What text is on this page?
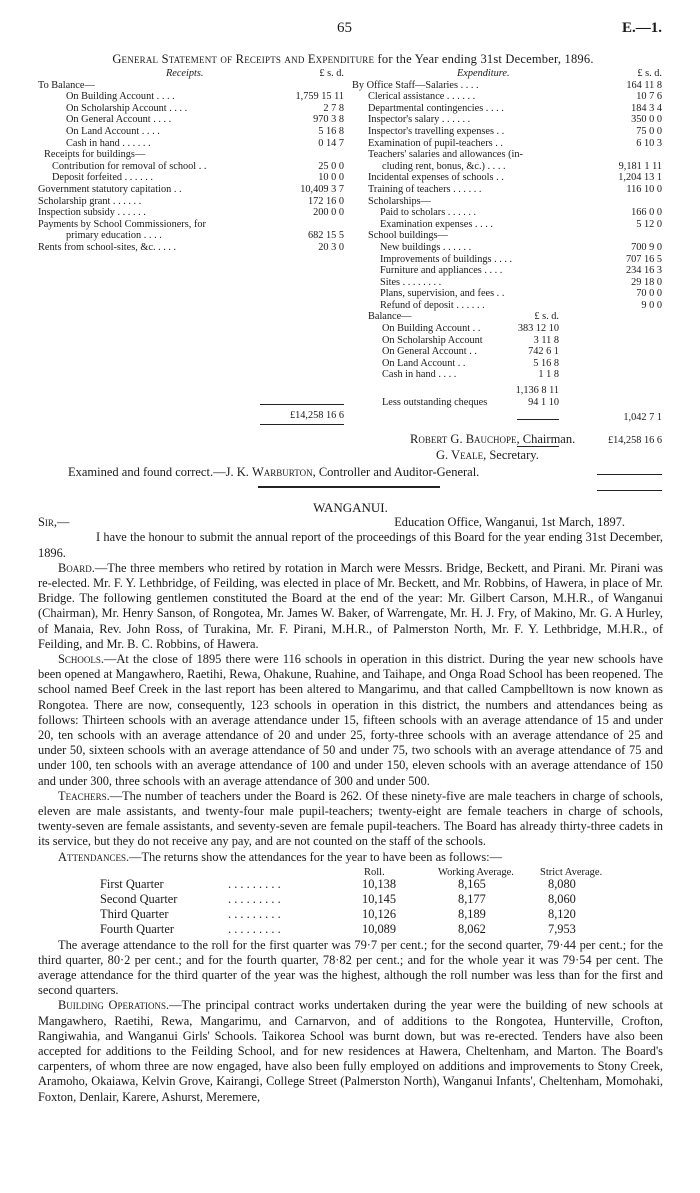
65	E.—1.
General Statement of Receipts and Expenditure for the Year ending 31st December, 1896.
Receipts.	£ s. d.
To Balance—
On Building Account . . . .	1,759 15 11
On Scholarship Account . . . .	2 7 8
On General Account . . . .	970 3 8
On Land Account . . . .	5 16 8
Cash in hand . . . . . .	0 14 7
Receipts for buildings—
Contribution for removal of school . .	25 0 0
Deposit forfeited . . . . . .	10 0 0
Government statutory capitation . .	10,409 3 7
Scholarship grant . . . . . .	172 16 0
Inspection subsidy . . . . . .	200 0 0
Payments by School Commissioners, for
primary education . . . .	682 15 5
Rents from school-sites, &c. . . . .	20 3 0
Expenditure.	£ s. d.
By Office Staff—Salaries . . . .	164 11 8
Clerical assistance . . . . . .	10 7 6
Departmental contingencies . . . .	184 3 4
Inspector's salary . . . . . .	350 0 0
Inspector's travelling expenses . .	75 0 0
Examination of pupil-teachers . .	6 10 3
Teachers' salaries and allowances (in-
cluding rent, bonus, &c.) . . . .	9,181 1 11
Incidental expenses of schools . .	1,204 13 1
Training of teachers . . . . . .	116 10 0
Scholarships—
Paid to scholars . . . . . .	166 0 0
Examination expenses . . . .	5 12 0
School buildings—
New buildings . . . . . .	700 9 0
Improvements of buildings . . . .	707 16 5
Furniture and appliances . . . .	234 16 3
Sites . . . . . . . .	29 18 0
Plans, supervision, and fees . .	70 0 0
Refund of deposit . . . . . .	9 0 0
Balance—	£ s. d.
On Building Account . .	383 12 10
On Scholarship Account	3 11 8
On General Account . .	742 6 1
On Land Account . .	5 16 8
Cash in hand . . . .	1 1 8
1,136 8 11
Less outstanding cheques	94 1 10
1,042 7 1
£14,258 16 6
£14,258 16 6
Robert G. Bauchope, Chairman.
G. Veale, Secretary.
Examined and found correct.—J. K. Warburton, Controller and Auditor-General.

WANGANUI.

Sir,—	Education Office, Wanganui, 1st March, 1897.

I have the honour to submit the annual report of the proceedings of this Board for the year ending 31st December, 1896.

Board.—The three members who retired by rotation in March were Messrs. Bridge, Beckett, and Pirani. Mr. Pirani was re-elected. Mr. F. Y. Lethbridge, of Feilding, was elected in place of Mr. Beckett, and Mr. Robbins, of Hawera, in place of Mr. Bridge. The following gentlemen constituted the Board at the end of the year: Mr. Gilbert Carson, M.H.R., of Wanganui (Chairman), Mr. Henry Sanson, of Rongotea, Mr. James W. Baker, of Warrengate, Mr. H. J. Fry, of Makino, Mr. G. A Hurley, of Manaia, Rev. John Ross, of Turakina, Mr. F. Pirani, M.H.R., of Palmerston North, Mr. F. Y. Lethbridge, M.H.R., of Feilding, and Mr. B. C. Robbins, of Hawera.

Schools.—At the close of 1895 there were 116 schools in operation in this district. During the year new schools have been opened at Mangawhero, Raetihi, Rewa, Ohakune, Ruahine, and Taihape, and Onga Road School has been reopened. The school named Beef Creek in the last report has been altered to Mangarimu, and that called Campbelltown is now known as Rongotea. There are now, consequently, 123 schools in operation in this district, the numbers and attendances being as follows: Thirteen schools with an average attendance under 15, fifteen schools with an average attendance of 15 and under 20, ten schools with an average attendance of 20 and under 25, forty-three schools with an average attendance of 25 and under 50, sixteen schools with an average attendance of 50 and under 75, two schools with an average attendance of 75 and under 100, ten schools with an average attendance of 100 and under 150, eleven schools with an average attendance of 150 and under 300, three schools with an average attendance of 300 and under 500.

Teachers.—The number of teachers under the Board is 262. Of these ninety-five are male teachers in charge of schools, eleven are male assistants, and twenty-four male pupil-teachers; twenty-eight are female teachers in charge of schools, twenty-seven are female assistants, and seventy-seven are female pupil-teachers. The Board has already thirty-three cadets in its service, but they do not receive any pay, and are not counted on the staff of the schools.

Attendances.—The returns show the attendances for the year to have been as follows:—

Roll.	Working Average. Strict Average.
First Quarter	. . . . . . . . .	10,138	8,165	8,080
Second Quarter	. . . . . . . . .	10,145	8,177	8,060
Third Quarter	. . . . . . . . .	10,126	8,189	8,120
Fourth Quarter	. . . . . . . . .	10,089	8,062	7,953

The average attendance to the roll for the first quarter was 79·7 per cent.; for the second quarter, 79·44 per cent.; for the third quarter, 80·2 per cent.; and for the fourth quarter, 78·82 per cent.; and for the whole year it was 79·54 per cent. The average attendance for the third quarter of the year was the highest, although the roll number was less than for the first and second quarters.

Building Operations.—The principal contract works undertaken during the year were the building of new schools at Mangawhero, Raetihi, Rewa, Mangarimu, and Carnarvon, and of additions to the Rongotea, Hunterville, Crofton, Rangiwahia, and Wanganui Girls' Schools. Taikorea School was burnt down, but was re-erected. Tenders have also been accepted for additions to the Feilding School, and for new residences at Hawera, Cheltenham, and Marton. The Board's carpenters, of whom three are now engaged, have also been fully employed on additions and improvements to Stony Creek, Aramoho, Okaiawa, Kelvin Grove, Kairangi, College Street (Palmerston North), Wanganui Infants', Cheltenham, Momohaki, Foxton, Denlair, Karere, Ashurst, Meremere,
